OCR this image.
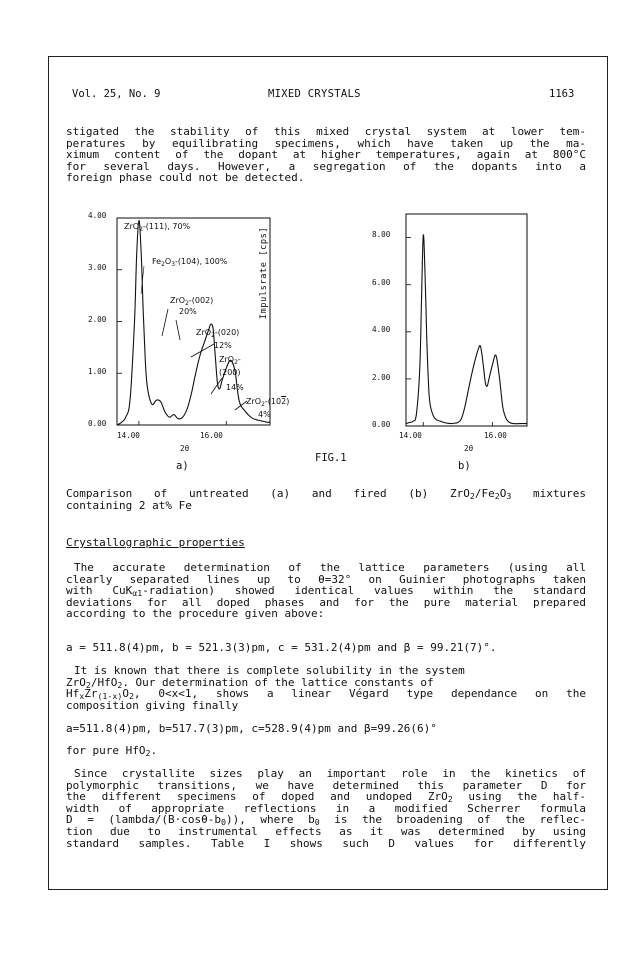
Vol. 25, No. 9	MIXED CRYSTALS	1163
stigated the stability of this mixed crystal system at lower tem-
peratures by equilibrating specimens, which have taken up the ma-
ximum content of the dopant at higher temperatures, again at 800°C
for several days. However, a segregation of the dopants into a
foreign phase could not be detected.
4.00
3.00
2.00
1.00
0.00
14.00	16.00
2θ
a)
ZrO$_2$-(111), 70%
$Fe_2O_3-(104)$, 100%
ZrO$_2$-(002)
20%
ZrO$_2$-(020)
12%
ZrO$_2$-
(200)
14%
ZrO$_2$-(102)
4%
Impulsrate [cps]	8.00
6.00
4.00
2.00
0.00
14.00	16.00
2θ
b)
FIG.1
Comparison of untreated (a) and fired (b) $ZrO_2/Fe_2O_3$ mixtures
containing 2 at% Fe
Crystallographic properties
The accurate determination of the lattice parameters (using all
clearly separated lines up to θ=32° on Guinier photographs taken
with CuK$_{\alpha 1}$-radiation) showed identical values within the standard
deviations for all doped phases and for the pure material prepared
according to the procedure given above:
a = 511.8(4)pm, b = 521.3(3)pm, c = 531.2(4)pm and β = 99.21(7)°.
It is known that there is complete solubility in the system
ZrO$_2$/HfO$_2$. Our determination of the lattice constants of
$Hf_xZr_{(1-x)}O_2$, 0<x<1, shows a linear Végard type dependance on the
composition giving finally
a=511.8(4)pm, b=517.7(3)pm, c=528.9(4)pm and β=99.26(6)°
for pure HfO$_2$.
Since crystallite sizes play an important role in the kinetics of
polymorphic transitions, we have determined this parameter D for
the different specimens of doped and undoped ZrO$_2$ using the half-
width of appropriate reflections in a modified Scherrer formula
$D = (lambda/(B\cdot\cos\theta-b_0))$, where $b_0$ is the broadening of the reflec-
tion due to instrumental effects as it was determined by using
standard samples. Table I shows such D values for differently
